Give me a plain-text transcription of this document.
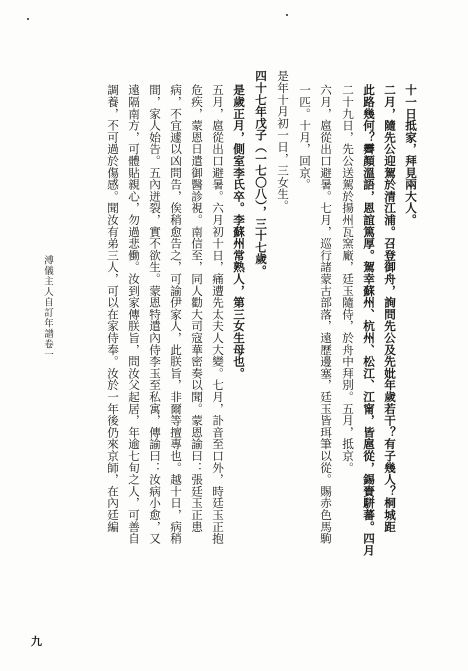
溥儀主人自訂年譜卷一
九
十一日抵家，拜見兩大人。
二月，隨先公迎駕於清江浦。召登御舟，詢問先公及先妣年歲若干？有子幾人？桐城距
此路幾何？霽顏溫語，恩誼篤厚。駕幸蘇州、杭州、松江、江甯，皆扈從，錫賚駢蕃。四月
二十九日，先公送駕於揚州瓦窯廠，廷玉隨侍，於舟中拜別。五月，抵京。
六月，扈從出口避暑。七月，巡行諸蒙古部落，遠歷邊塞，廷玉皆珥筆以從。賜赤色馬駒
一匹。十月，回京。
是年十月初一日，三女生。
四十七年戊子（一七〇八），三十七歲。
是歲正月，側室李氏卒。李蘇州常熟人，第三女生母也。
五月，扈從出口避暑。六月初十日，痛遭先太夫人大變。七月，訃音至口外，時廷玉正抱
危疾，蒙恩日遣御醫診視。南信至，同人勸大司寇華密奏以聞。蒙恩諭曰：張廷玉正患
病，不宜遽以凶問告，俟稍愈告之，可諭伊家人，此朕旨，非爾等擅專也。越十日，病稍
間，家人始告。五內迸裂，實不欲生。蒙恩特遣內侍李玉至私寓，傳諭曰：汝病小愈，又
遠隔南方，可體貼親心，勿過悲働。汝到家傳朕旨，問汝父起居，年逾七旬之人，可善自
調養，不可過於傷感。聞汝有弟三人，可以在家侍奉。汝於一年後仍來京師，在內廷編
